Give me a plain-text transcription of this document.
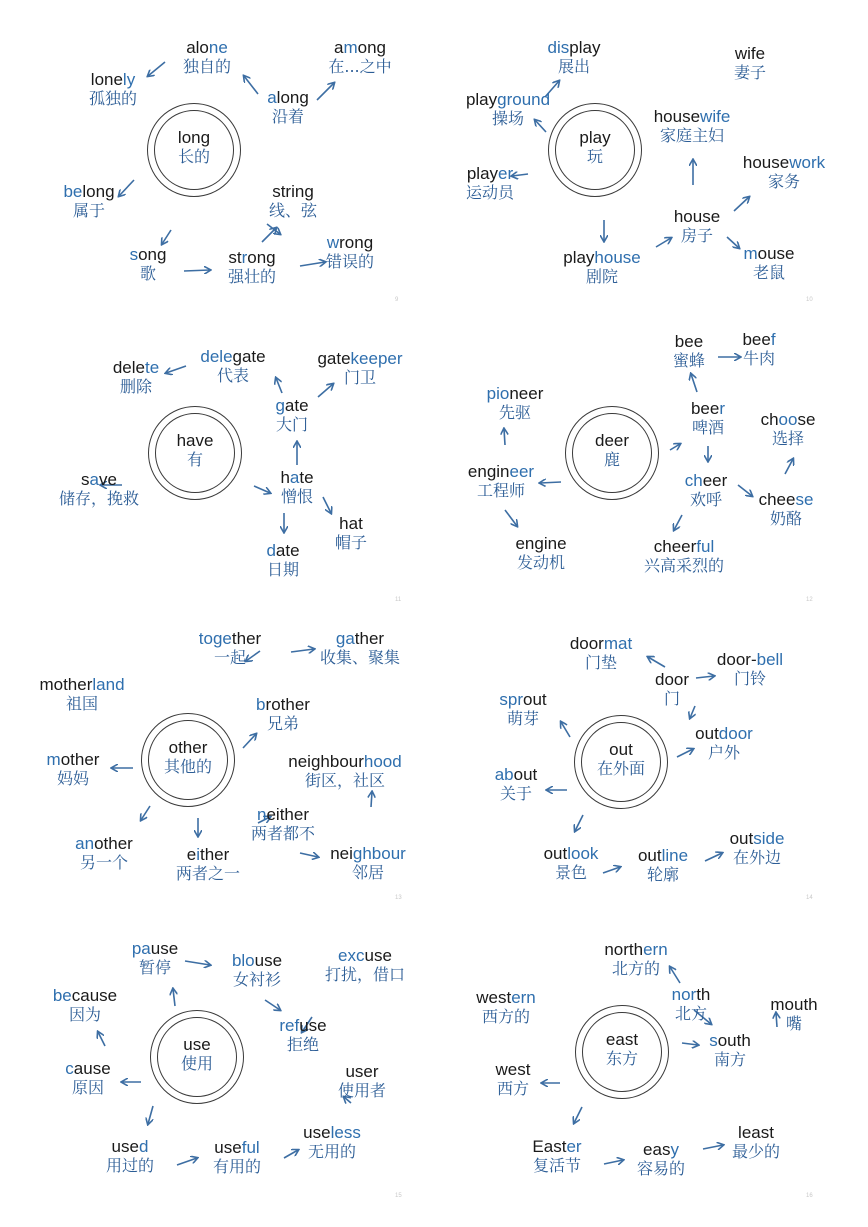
long
长的
alone
独自的
lonely
孤独的
among
在...之中
along
沿着
belong
属于
string
线、弦
song
歌
strong
强壮的
wrong
错误的
9
play
玩
display
展出
playground
操场
wife
妻子
housewife
家庭主妇
player
运动员
housework
家务
house
房子
playhouse
剧院
mouse
老鼠
10
have
有
delete
删除
delegate
代表
gatekeeper
门卫
gate
大门
save
储存，挽救
hate
憎恨
hat
帽子
date
日期
11
deer
鹿
bee
蜜蜂
beef
牛肉
pioneer
先驱	beer
啤酒 choose
选择
engineer
工程师
cheer
欢呼	cheese
奶酪
engine
发动机
cheerful
兴高采烈的
12
other
其他的
together
一起
gather
收集、聚集
motherland
祖国	brother
兄弟
neighbourhood
街区，社区
mother
妈妈
neither
两者都不
another
另一个	either
两者之一
neighbour
邻居
13
out
在外面
doormat
门垫
door
门
door-bell
门铃
sprout
萌芽
outdoor
户外
about
关于
outside
在外边
outlook
景色
outline
轮廓
14
use
使用
pause
暂停	blouse
女衬衫
excuse
打扰，借口
because
因为
refuse
拒绝
cause
原因
user
使用者
used
用过的
useful
有用的
useless
无用的
15
east
东方
northern
北方的
western
西方的
north
北方	mouth
嘴
south
南方
west
西方
least
最少的
Easter
复活节
easy
容易的
16
